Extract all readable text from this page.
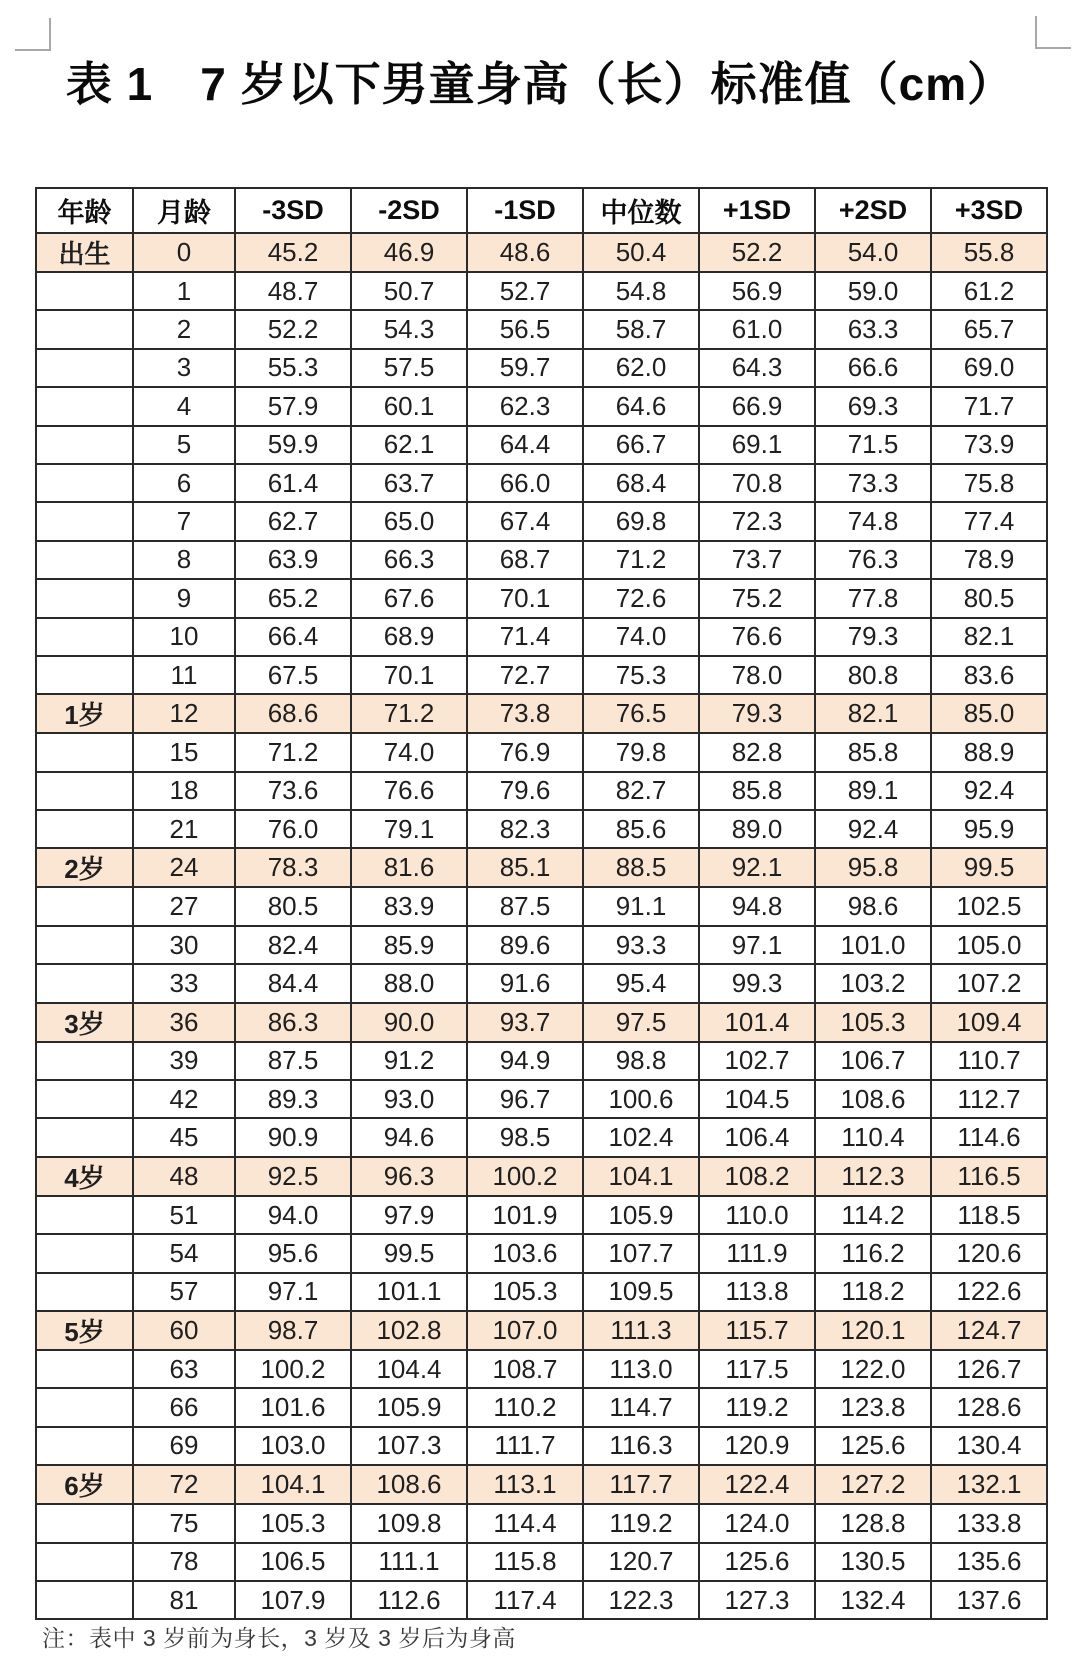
表 1　7 岁以下男童身高（长）标准值（cm）
年龄	月龄	-3SD	-2SD	-1SD	中位数	+1SD	+2SD	+3SD
出生	0	45.2	46.9	48.6	50.4	52.2	54.0	55.8
	1	48.7	50.7	52.7	54.8	56.9	59.0	61.2
	2	52.2	54.3	56.5	58.7	61.0	63.3	65.7
	3	55.3	57.5	59.7	62.0	64.3	66.6	69.0
	4	57.9	60.1	62.3	64.6	66.9	69.3	71.7
	5	59.9	62.1	64.4	66.7	69.1	71.5	73.9
	6	61.4	63.7	66.0	68.4	70.8	73.3	75.8
	7	62.7	65.0	67.4	69.8	72.3	74.8	77.4
	8	63.9	66.3	68.7	71.2	73.7	76.3	78.9
	9	65.2	67.6	70.1	72.6	75.2	77.8	80.5
	10	66.4	68.9	71.4	74.0	76.6	79.3	82.1
	11	67.5	70.1	72.7	75.3	78.0	80.8	83.6
1岁	12	68.6	71.2	73.8	76.5	79.3	82.1	85.0
	15	71.2	74.0	76.9	79.8	82.8	85.8	88.9
	18	73.6	76.6	79.6	82.7	85.8	89.1	92.4
	21	76.0	79.1	82.3	85.6	89.0	92.4	95.9
2岁	24	78.3	81.6	85.1	88.5	92.1	95.8	99.5
	27	80.5	83.9	87.5	91.1	94.8	98.6	102.5
	30	82.4	85.9	89.6	93.3	97.1	101.0	105.0
	33	84.4	88.0	91.6	95.4	99.3	103.2	107.2
3岁	36	86.3	90.0	93.7	97.5	101.4	105.3	109.4
	39	87.5	91.2	94.9	98.8	102.7	106.7	110.7
	42	89.3	93.0	96.7	100.6	104.5	108.6	112.7
	45	90.9	94.6	98.5	102.4	106.4	110.4	114.6
4岁	48	92.5	96.3	100.2	104.1	108.2	112.3	116.5
	51	94.0	97.9	101.9	105.9	110.0	114.2	118.5
	54	95.6	99.5	103.6	107.7	111.9	116.2	120.6
	57	97.1	101.1	105.3	109.5	113.8	118.2	122.6
5岁	60	98.7	102.8	107.0	111.3	115.7	120.1	124.7
	63	100.2	104.4	108.7	113.0	117.5	122.0	126.7
	66	101.6	105.9	110.2	114.7	119.2	123.8	128.6
	69	103.0	107.3	111.7	116.3	120.9	125.6	130.4
6岁	72	104.1	108.6	113.1	117.7	122.4	127.2	132.1
	75	105.3	109.8	114.4	119.2	124.0	128.8	133.8
	78	106.5	111.1	115.8	120.7	125.6	130.5	135.6
	81	107.9	112.6	117.4	122.3	127.3	132.4	137.6

注：表中 3 岁前为身长，3 岁及 3 岁后为身高
